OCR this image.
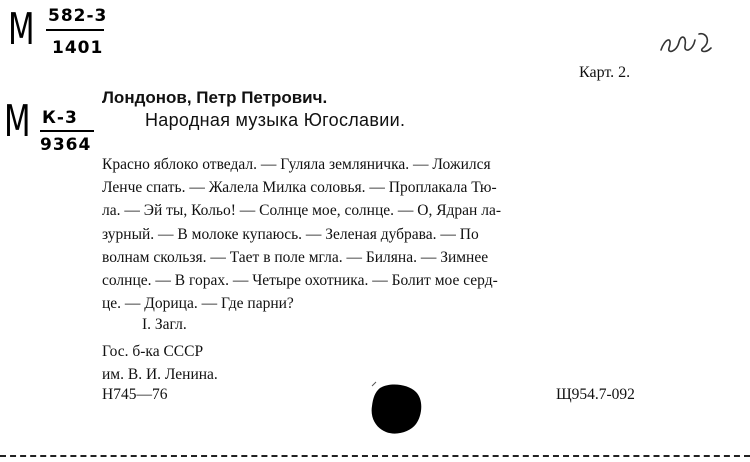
М 582-3
1401
М К-3
9364
Карт. 2.
Лондонов, Петр Петрович.
Народная музыка Югославии.
Красно яблоко отведал. — Гуляла земляничка. — Ложился
Ленче спать. — Жалела Милка соловья. — Проплакала Тю-
ла. — Эй ты, Кольо! — Солнце мое, солнце. — О, Ядран ла-
зурный. — В молоке купаюсь. — Зеленая дубрава. — По
волнам скользя. — Тает в поле мгла. — Биляна. — Зимнее
солнце. — В горах. — Четыре охотника. — Болит мое серд-
це. — Дорица. — Где парни?
I. Загл.
Гос. б-ка СССР
им. В. И. Ленина.
Н745—76	Щ954.7-092
